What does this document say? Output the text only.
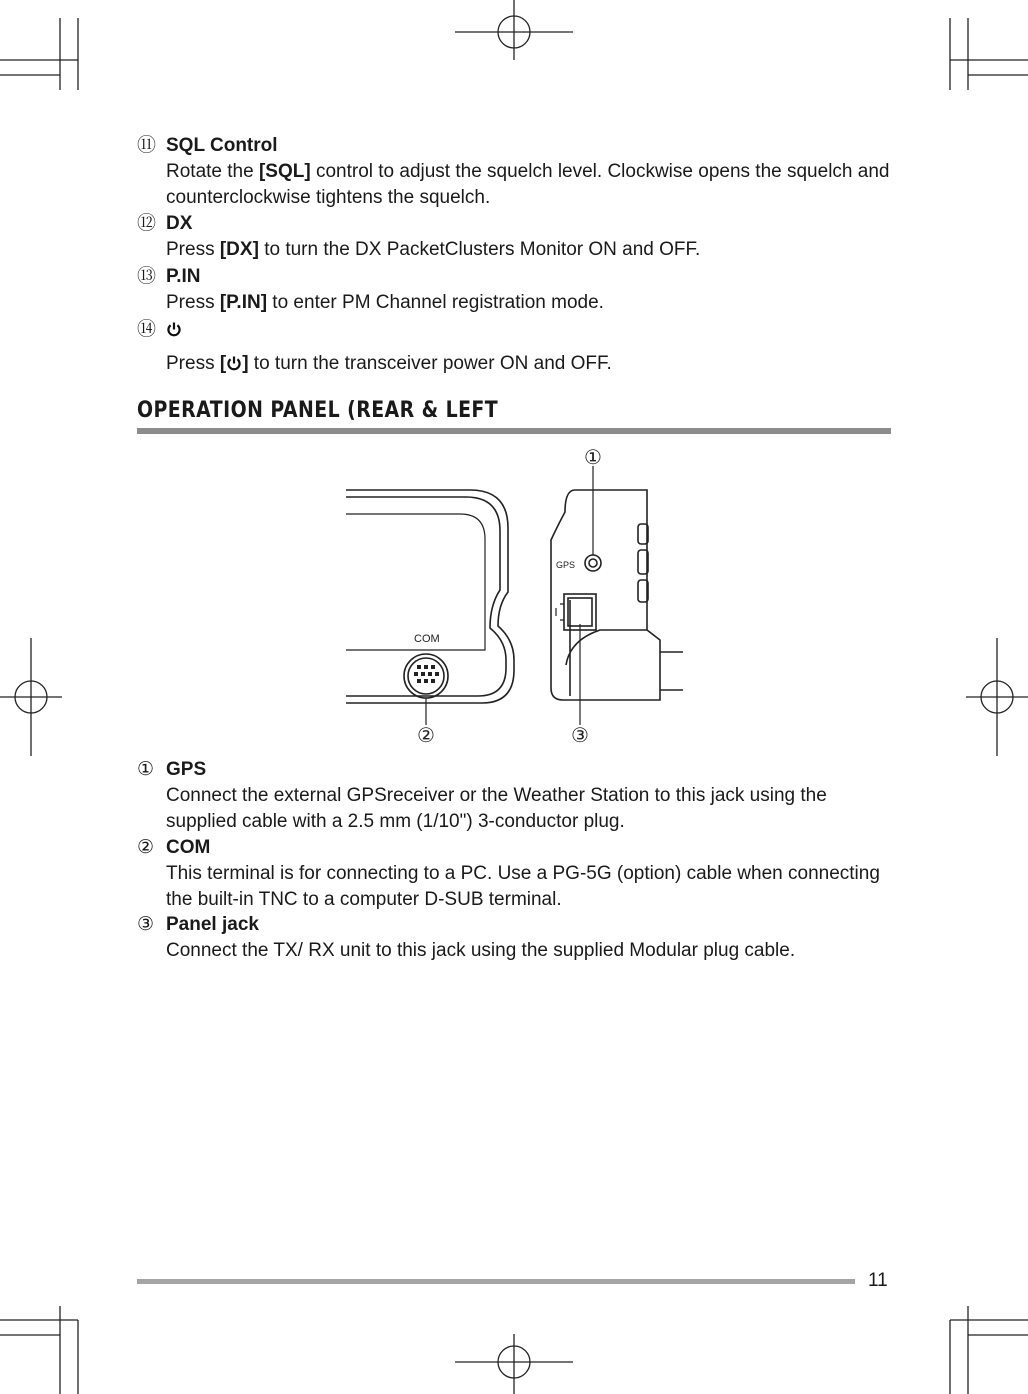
⑪ SQL Control
Rotate the [SQL] control to adjust the squelch level. Clockwise opens the squelch and counterclockwise tightens the squelch.
⑫ DX
Press [DX] to turn the DX PacketClusters Monitor ON and OFF.
⑬ P.IN
Press [P.IN] to enter PM Channel registration mode.
⑭
Press [ ] to turn the transceiver power ON and OFF.
OPERATION PANEL (REAR & LEFT
COM
GPS
①
②	③
① GPS
Connect the external GPSreceiver or the Weather Station to this jack using the supplied cable with a 2.5 mm (1/10") 3-conductor plug.
② COM
This terminal is for connecting to a PC. Use a PG-5G (option) cable when connecting the built-in TNC to a computer D-SUB terminal.
③ Panel jack
Connect the TX/ RX unit to this jack using the supplied Modular plug cable.
11
